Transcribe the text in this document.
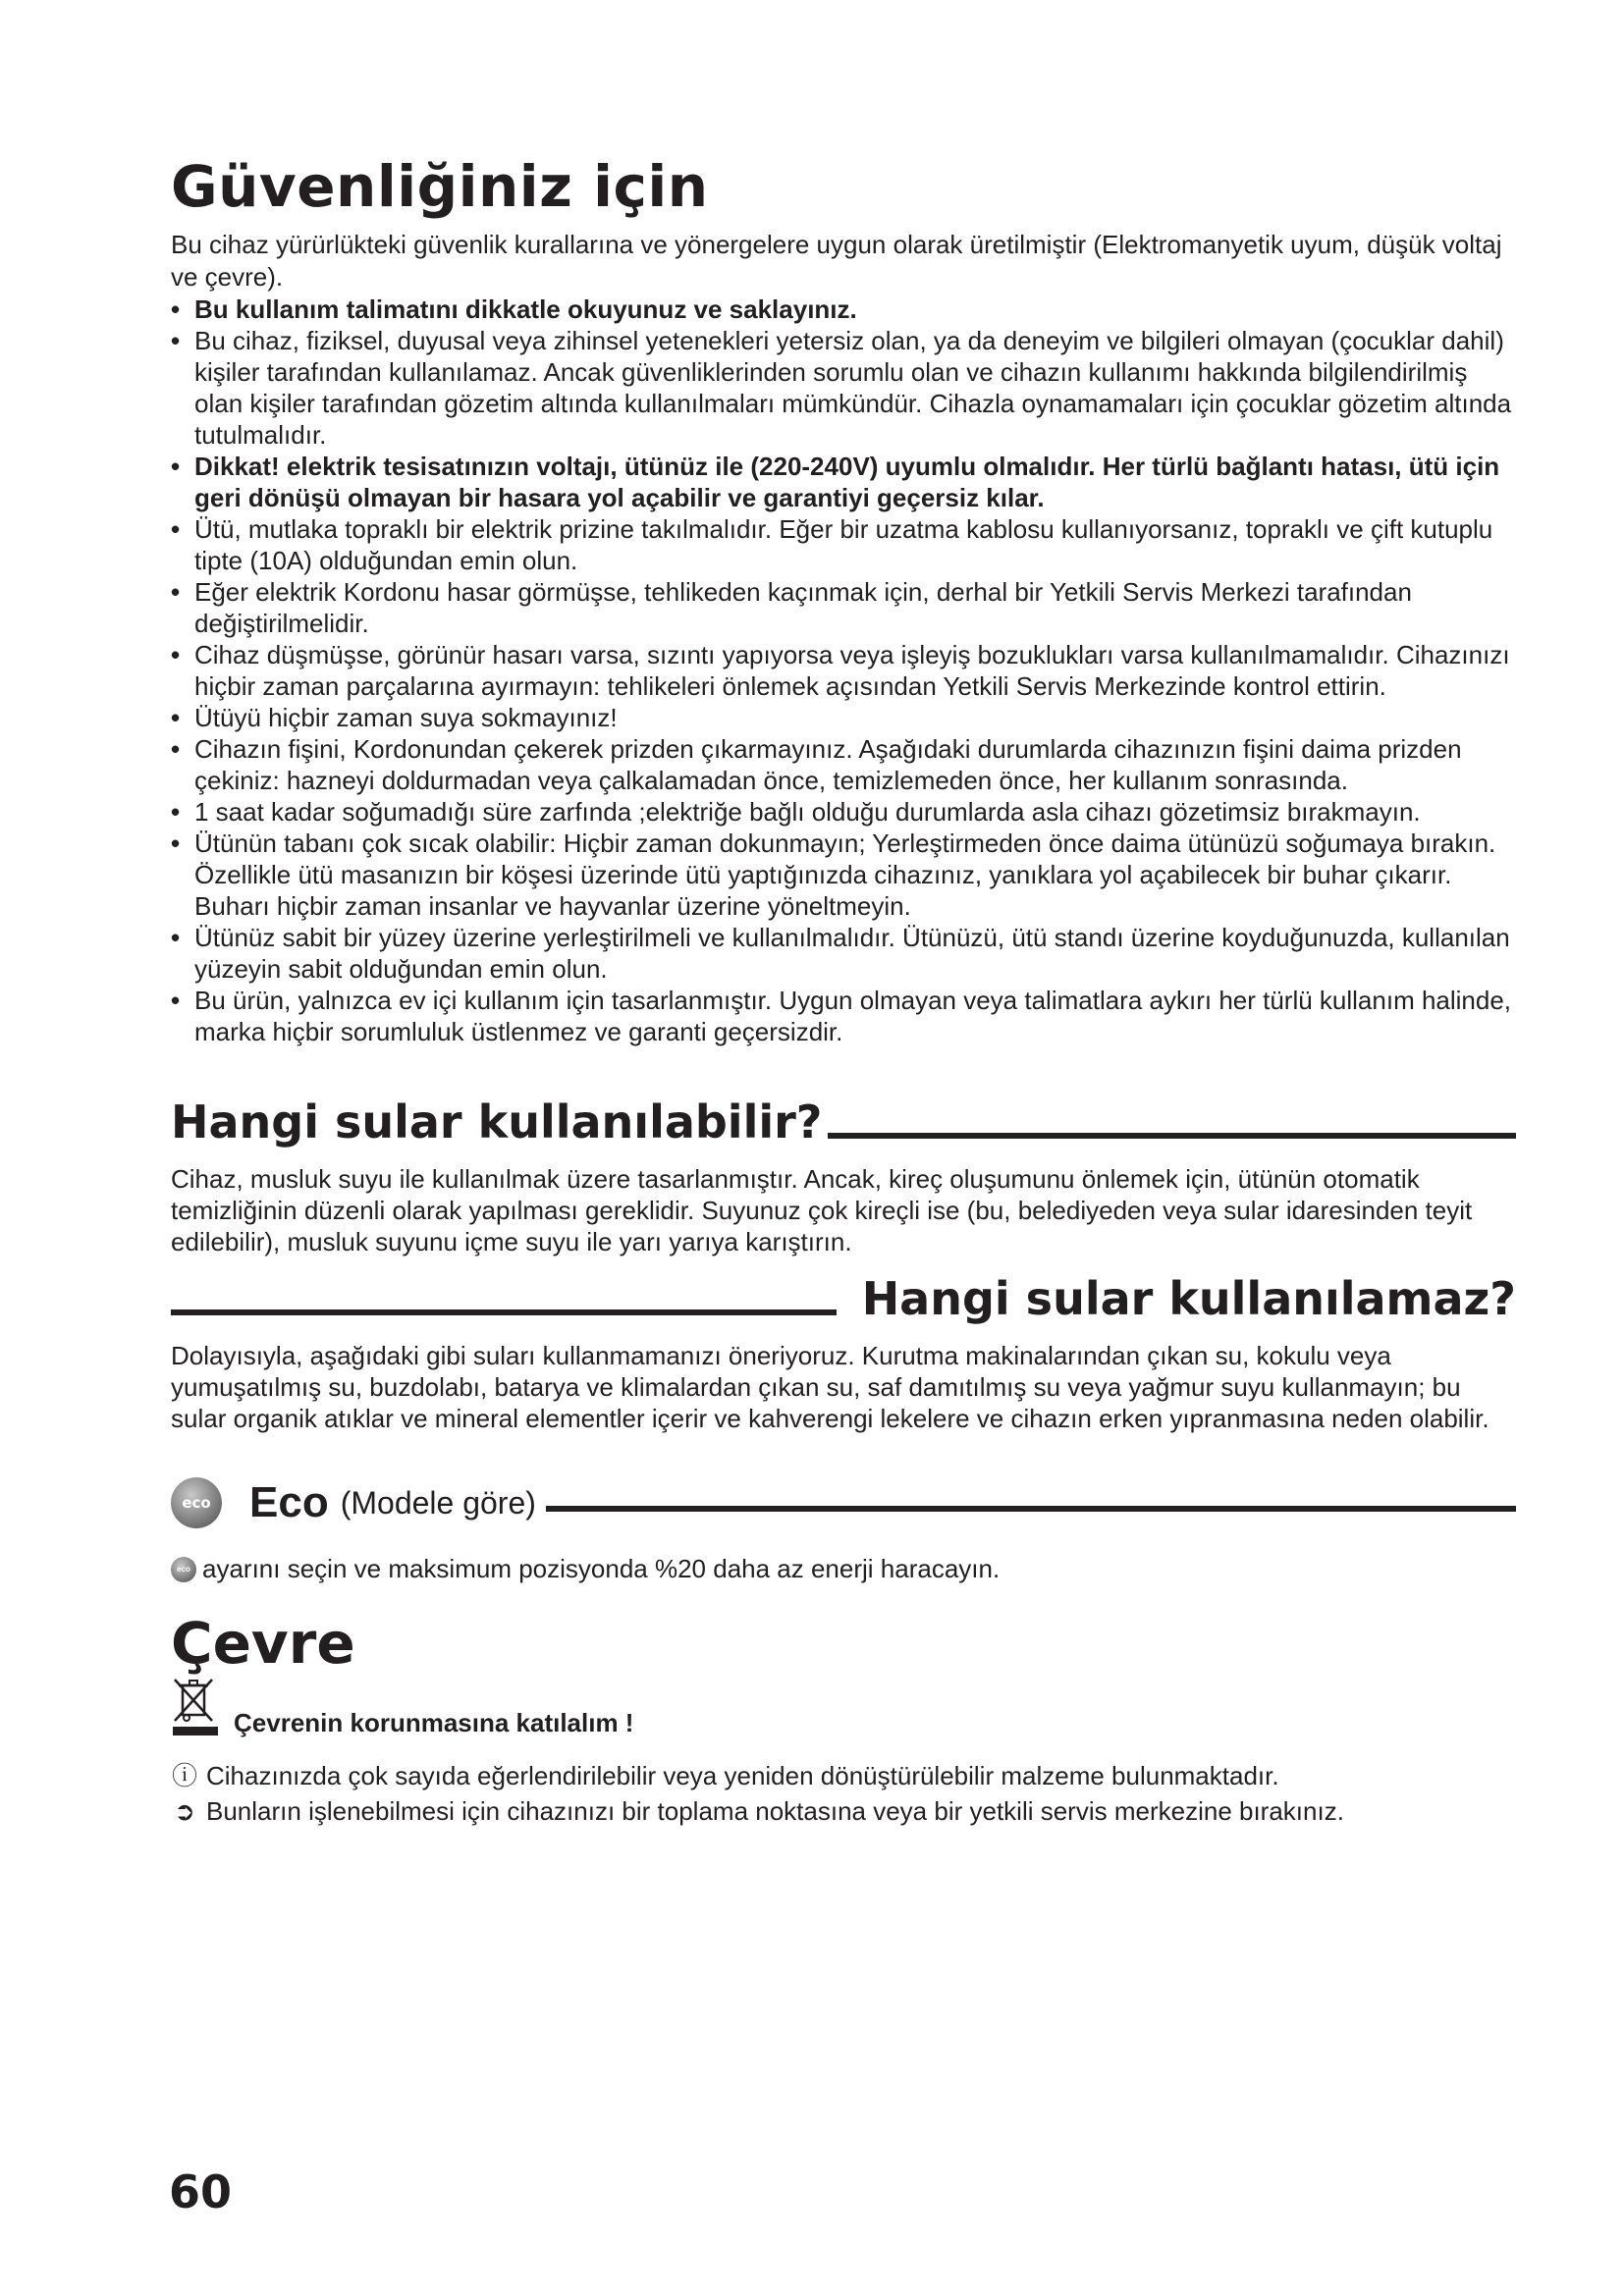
Güvenliğiniz için

Bu cihaz yürürlükteki güvenlik kurallarına ve yönergelere uygun olarak üretilmiştir (Elektromanyetik uyum, düşük voltaj ve çevre).

• Bu kullanım talimatını dikkatle okuyunuz ve saklayınız.
• Bu cihaz, fiziksel, duyusal veya zihinsel yetenekleri yetersiz olan, ya da deneyim ve bilgileri olmayan (çocuklar dahil) kişiler tarafından kullanılamaz. Ancak güvenliklerinden sorumlu olan ve cihazın kullanımı hakkında bilgilendirilmiş olan kişiler tarafından gözetim altında kullanılmaları mümkündür. Cihazla oynamamaları için çocuklar gözetim altında tutulmalıdır.
• Dikkat! elektrik tesisatınızın voltajı, ütünüz ile (220-240V) uyumlu olmalıdır. Her türlü bağlantı hatası, ütü için geri dönüşü olmayan bir hasara yol açabilir ve garantiyi geçersiz kılar.
• Ütü, mutlaka topraklı bir elektrik prizine takılmalıdır. Eğer bir uzatma kablosu kullanıyorsanız, topraklı ve çift kutuplu tipte (10A) olduğundan emin olun.
• Eğer elektrik Kordonu hasar görmüşse, tehlikeden kaçınmak için, derhal bir Yetkili Servis Merkezi tarafından değiştirilmelidir.
• Cihaz düşmüşse, görünür hasarı varsa, sızıntı yapıyorsa veya işleyiş bozuklukları varsa kullanılmamalıdır. Cihazınızı hiçbir zaman parçalarına ayırmayın: tehlikeleri önlemek açısından Yetkili Servis Merkezinde kontrol ettirin.
• Ütüyü hiçbir zaman suya sokmayınız!
• Cihazın fişini, Kordonundan çekerek prizden çıkarmayınız. Aşağıdaki durumlarda cihazınızın fişini daima prizden çekiniz: hazneyi doldurmadan veya çalkalamadan önce, temizlemeden önce, her kullanım sonrasında.
• 1 saat kadar soğumadığı süre zarfında ;elektriğe bağlı olduğu durumlarda asla cihazı gözetimsiz bırakmayın.
• Ütünün tabanı çok sıcak olabilir: Hiçbir zaman dokunmayın; Yerleştirmeden önce daima ütünüzü soğumaya bırakın. Özellikle ütü masanızın bir köşesi üzerinde ütü yaptığınızda cihazınız, yanıklara yol açabilecek bir buhar çıkarır. Buharı hiçbir zaman insanlar ve hayvanlar üzerine yöneltmeyin.
• Ütünüz sabit bir yüzey üzerine yerleştirilmeli ve kullanılmalıdır. Ütünüzü, ütü standı üzerine koyduğunuzda, kullanılan yüzeyin sabit olduğundan emin olun.
• Bu ürün, yalnızca ev içi kullanım için tasarlanmıştır. Uygun olmayan veya talimatlara aykırı her türlü kullanım halinde, marka hiçbir sorumluluk üstlenmez ve garanti geçersizdir.
Hangi sular kullanılabilir?

Cihaz, musluk suyu ile kullanılmak üzere tasarlanmıştır. Ancak, kireç oluşumunu önlemek için, ütünün otomatik temizliğinin düzenli olarak yapılması gereklidir. Suyunuz çok kireçli ise (bu, belediyeden veya sular idaresinden teyit edilebilir), musluk suyunu içme suyu ile yarı yarıya karıştırın.

Hangi sular kullanılamaz?

Dolayısıyla, aşağıdaki gibi suları kullanmamanızı öneriyoruz. Kurutma makinalarından çıkan su, kokulu veya yumuşatılmış su, buzdolabı, batarya ve klimalardan çıkan su, saf damıtılmış su veya yağmur suyu kullanmayın; bu sular organik atıklar ve mineral elementler içerir ve kahverengi lekelere ve cihazın erken yıpranmasına neden olabilir.

eco Eco (Modele göre)
eco ayarını seçin ve maksimum pozisyonda %20 daha az enerji haracayın.
Çevre
Çevrenin korunmasına katılalım !
ⓘ Cihazınızda çok sayıda eğerlendirilebilir veya yeniden dönüştürülebilir malzeme bulunmaktadır.
➲ Bunların işlenebilmesi için cihazınızı bir toplama noktasına veya bir yetkili servis merkezine bırakınız.
60
